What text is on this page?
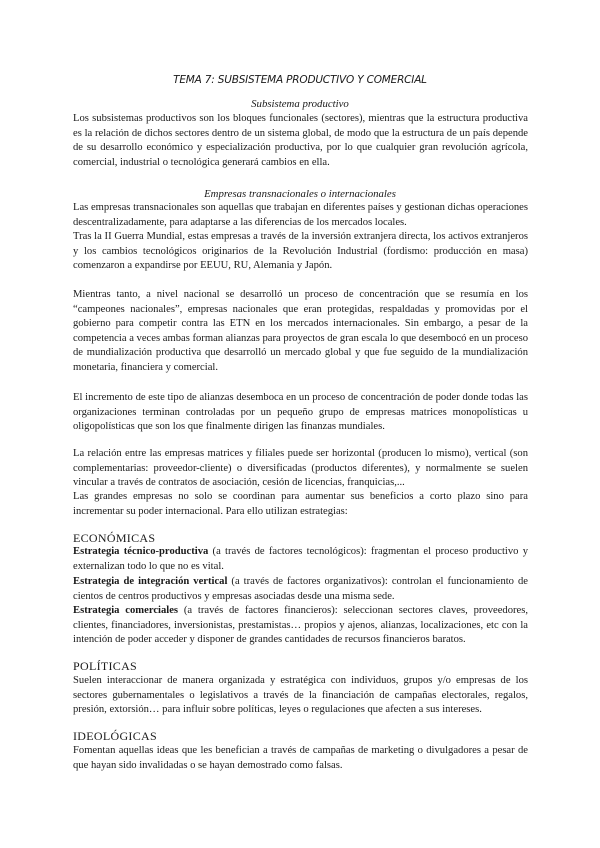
TEMA 7: SUBSISTEMA PRODUCTIVO Y COMERCIAL
Subsistema productivo

Los subsistemas productivos son los bloques funcionales (sectores), mientras que la estructura productiva es la relación de dichos sectores dentro de un sistema global, de modo que la estructura de un país depende de su desarrollo económico y especialización productiva, por lo que cualquier gran revolución agrícola, comercial, industrial o tecnológica generará cambios en ella.

Empresas transnacionales o internacionales

Las empresas transnacionales son aquellas que trabajan en diferentes países y gestionan dichas operaciones descentralizadamente, para adaptarse a las diferencias de los mercados locales.

Tras la II Guerra Mundial, estas empresas a través de la inversión extranjera directa, los activos extranjeros y los cambios tecnológicos originarios de la Revolución Industrial (fordismo: producción en masa) comenzaron a expandirse por EEUU, RU, Alemania y Japón.

Mientras tanto, a nivel nacional se desarrolló un proceso de concentración que se resumía en los “campeones nacionales”, empresas nacionales que eran protegidas, respaldadas y promovidas por el gobierno para competir contra las ETN en los mercados internacionales. Sin embargo, a pesar de la competencia a veces ambas forman alianzas para proyectos de gran escala lo que desembocó en un proceso de mundialización productiva que desarrolló un mercado global y que fue seguido de la mundialización monetaria, financiera y comercial.

El incremento de este tipo de alianzas desemboca en un proceso de concentración de poder donde todas las organizaciones terminan controladas por un pequeño grupo de empresas matrices monopolísticas u oligopolísticas que son los que finalmente dirigen las finanzas mundiales.

La relación entre las empresas matrices y filiales puede ser horizontal (producen lo mismo), vertical (son complementarias: proveedor-cliente) o diversificadas (productos diferentes), y normalmente se suelen vincular a través de contratos de asociación, cesión de licencias, franquicias,...

Las grandes empresas no solo se coordinan para aumentar sus beneficios a corto plazo sino para incrementar su poder internacional. Para ello utilizan estrategias:

ECONÓMICAS

Estrategia técnico-productiva (a través de factores tecnológicos): fragmentan el proceso productivo y externalizan todo lo que no es vital.

Estrategia de integración vertical (a través de factores organizativos): controlan el funcionamiento de cientos de centros productivos y empresas asociadas desde una misma sede.

Estrategia comerciales (a través de factores financieros): seleccionan sectores claves, proveedores, clientes, financiadores, inversionistas, prestamistas… propios y ajenos, alianzas, localizaciones, etc con la intención de poder acceder y disponer de grandes cantidades de recursos financieros baratos.

POLÍTICAS

Suelen interaccionar de manera organizada y estratégica con individuos, grupos y/o empresas de los sectores gubernamentales o legislativos a través de la financiación de campañas electorales, regalos, presión, extorsión… para influir sobre políticas, leyes o regulaciones que afecten a sus intereses.

IDEOLÓGICAS

Fomentan aquellas ideas que les benefician a través de campañas de marketing o divulgadores a pesar de que hayan sido invalidadas o se hayan demostrado como falsas.
